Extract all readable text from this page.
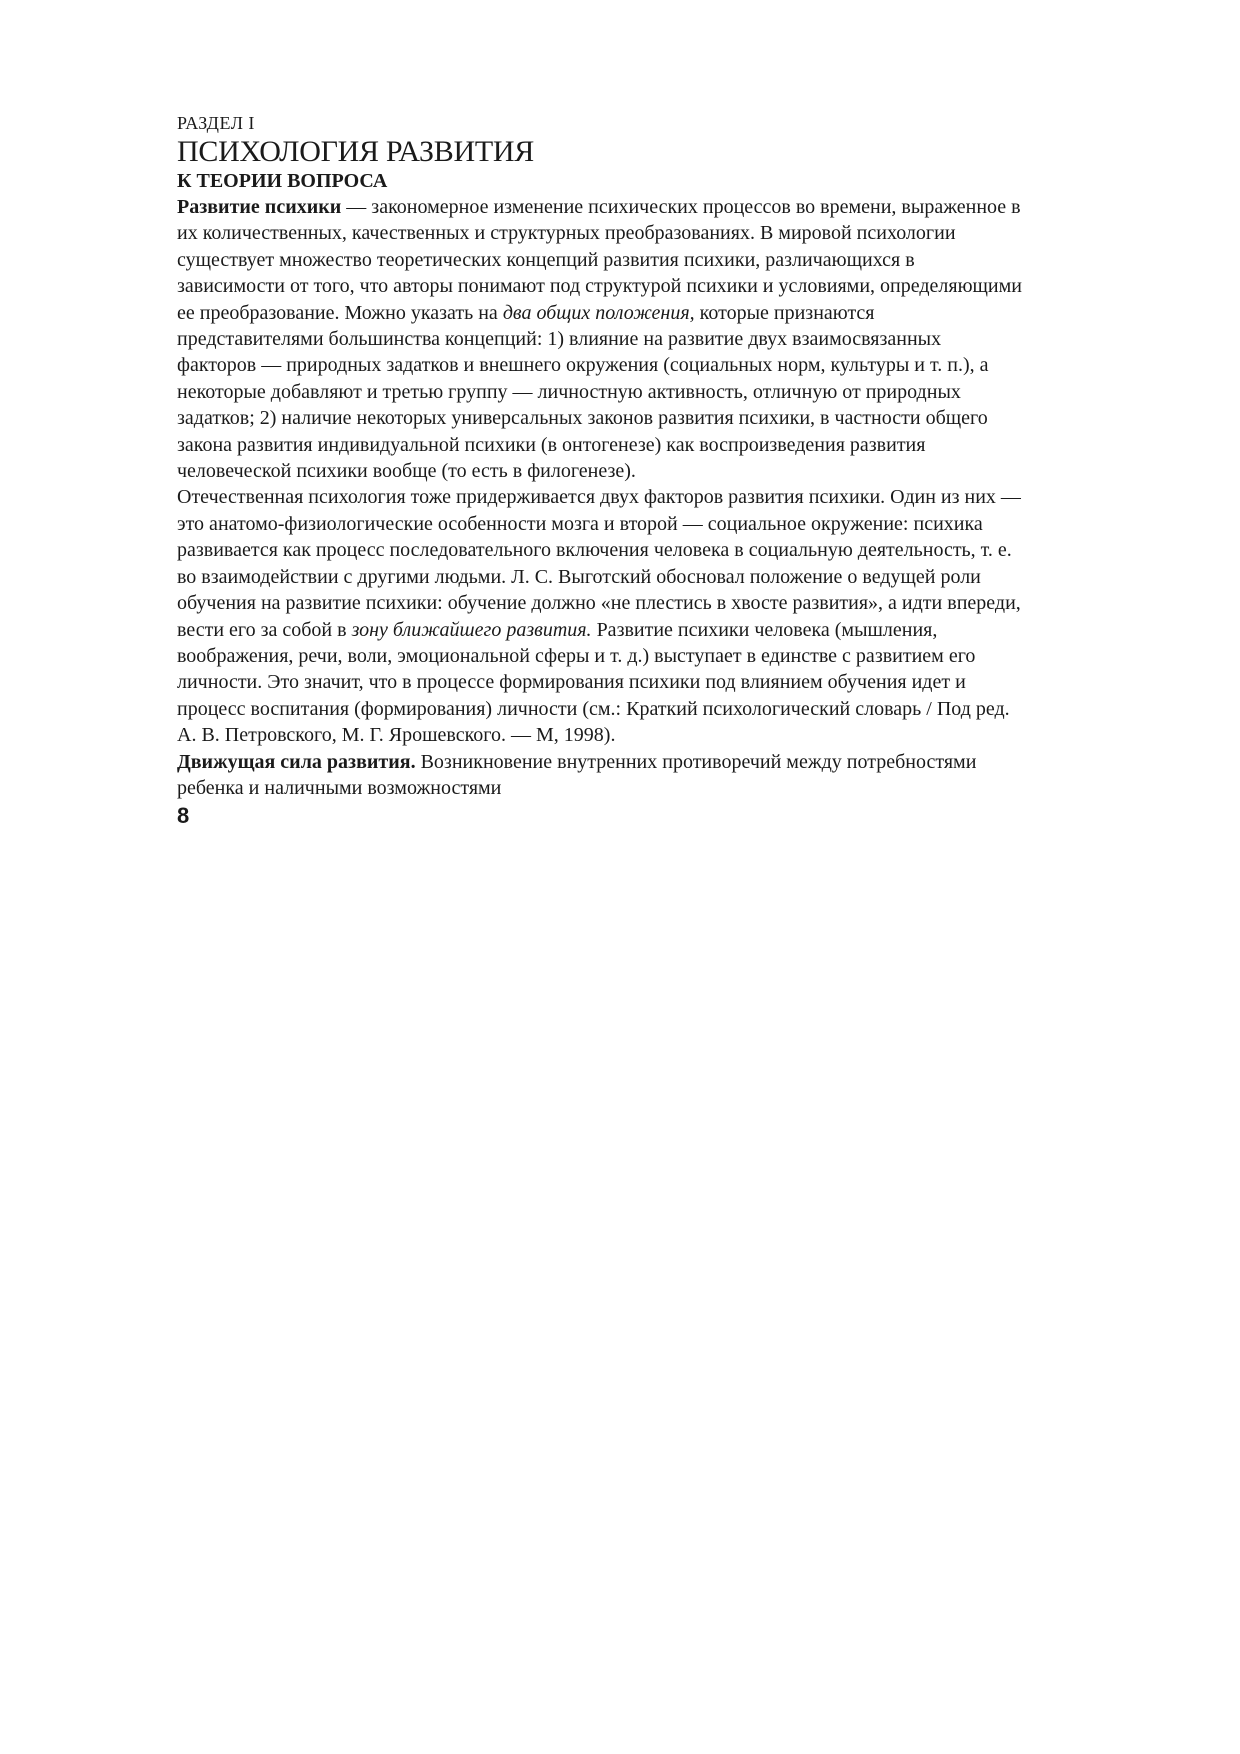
РАЗДЕЛ I

ПСИХОЛОГИЯ РАЗВИТИЯ
К ТЕОРИИ ВОПРОСА

Развитие психики — закономерное изменение психических процессов во времени, выраженное в

их количественных, качественных и структурных преобразованиях. В мировой психологии

существует множество теоретических концепций развития психики, различающихся в

зависимости от того, что авторы понимают под структурой психики и условиями, определяющими

ее преобразование. Можно указать на два общих положения, которые признаются

представителями большинства концепций: 1) влияние на развитие двух взаимосвязанных

факторов — природных задатков и внешнего окружения (социальных норм, культуры и т. п.), а

некоторые добавляют и третью группу — личностную активность, отличную от природных

задатков; 2) наличие некоторых универсальных законов развития психики, в частности общего

закона развития индивидуальной психики (в онтогенезе) как воспроизведения развития

человеческой психики вообще (то есть в филогенезе).

Отечественная психология тоже придерживается двух факторов развития психики. Один из них —

это анатомо-физиологические особенности мозга и второй — социальное окружение: психика

развивается как процесс последовательного включения человека в социальную деятельность, т. е.

во взаимодействии с другими людьми. Л. С. Выготский обосновал положение о ведущей роли

обучения на развитие психики: обучение должно «не плестись в хвосте развития», а идти впереди,

вести его за собой в зону ближайшего развития. Развитие психики человека (мышления,

воображения, речи, воли, эмоциональной сферы и т. д.) выступает в единстве с развитием его

личности. Это значит, что в процессе формирования психики под влиянием обучения идет и

процесс воспитания (формирования) личности (см.: Краткий психологический словарь / Под ред.

А. В. Петровского, М. Г. Ярошевского. — М, 1998).

Движущая сила развития. Возникновение внутренних противоречий между потребностями

ребенка и наличными возможностями

8
